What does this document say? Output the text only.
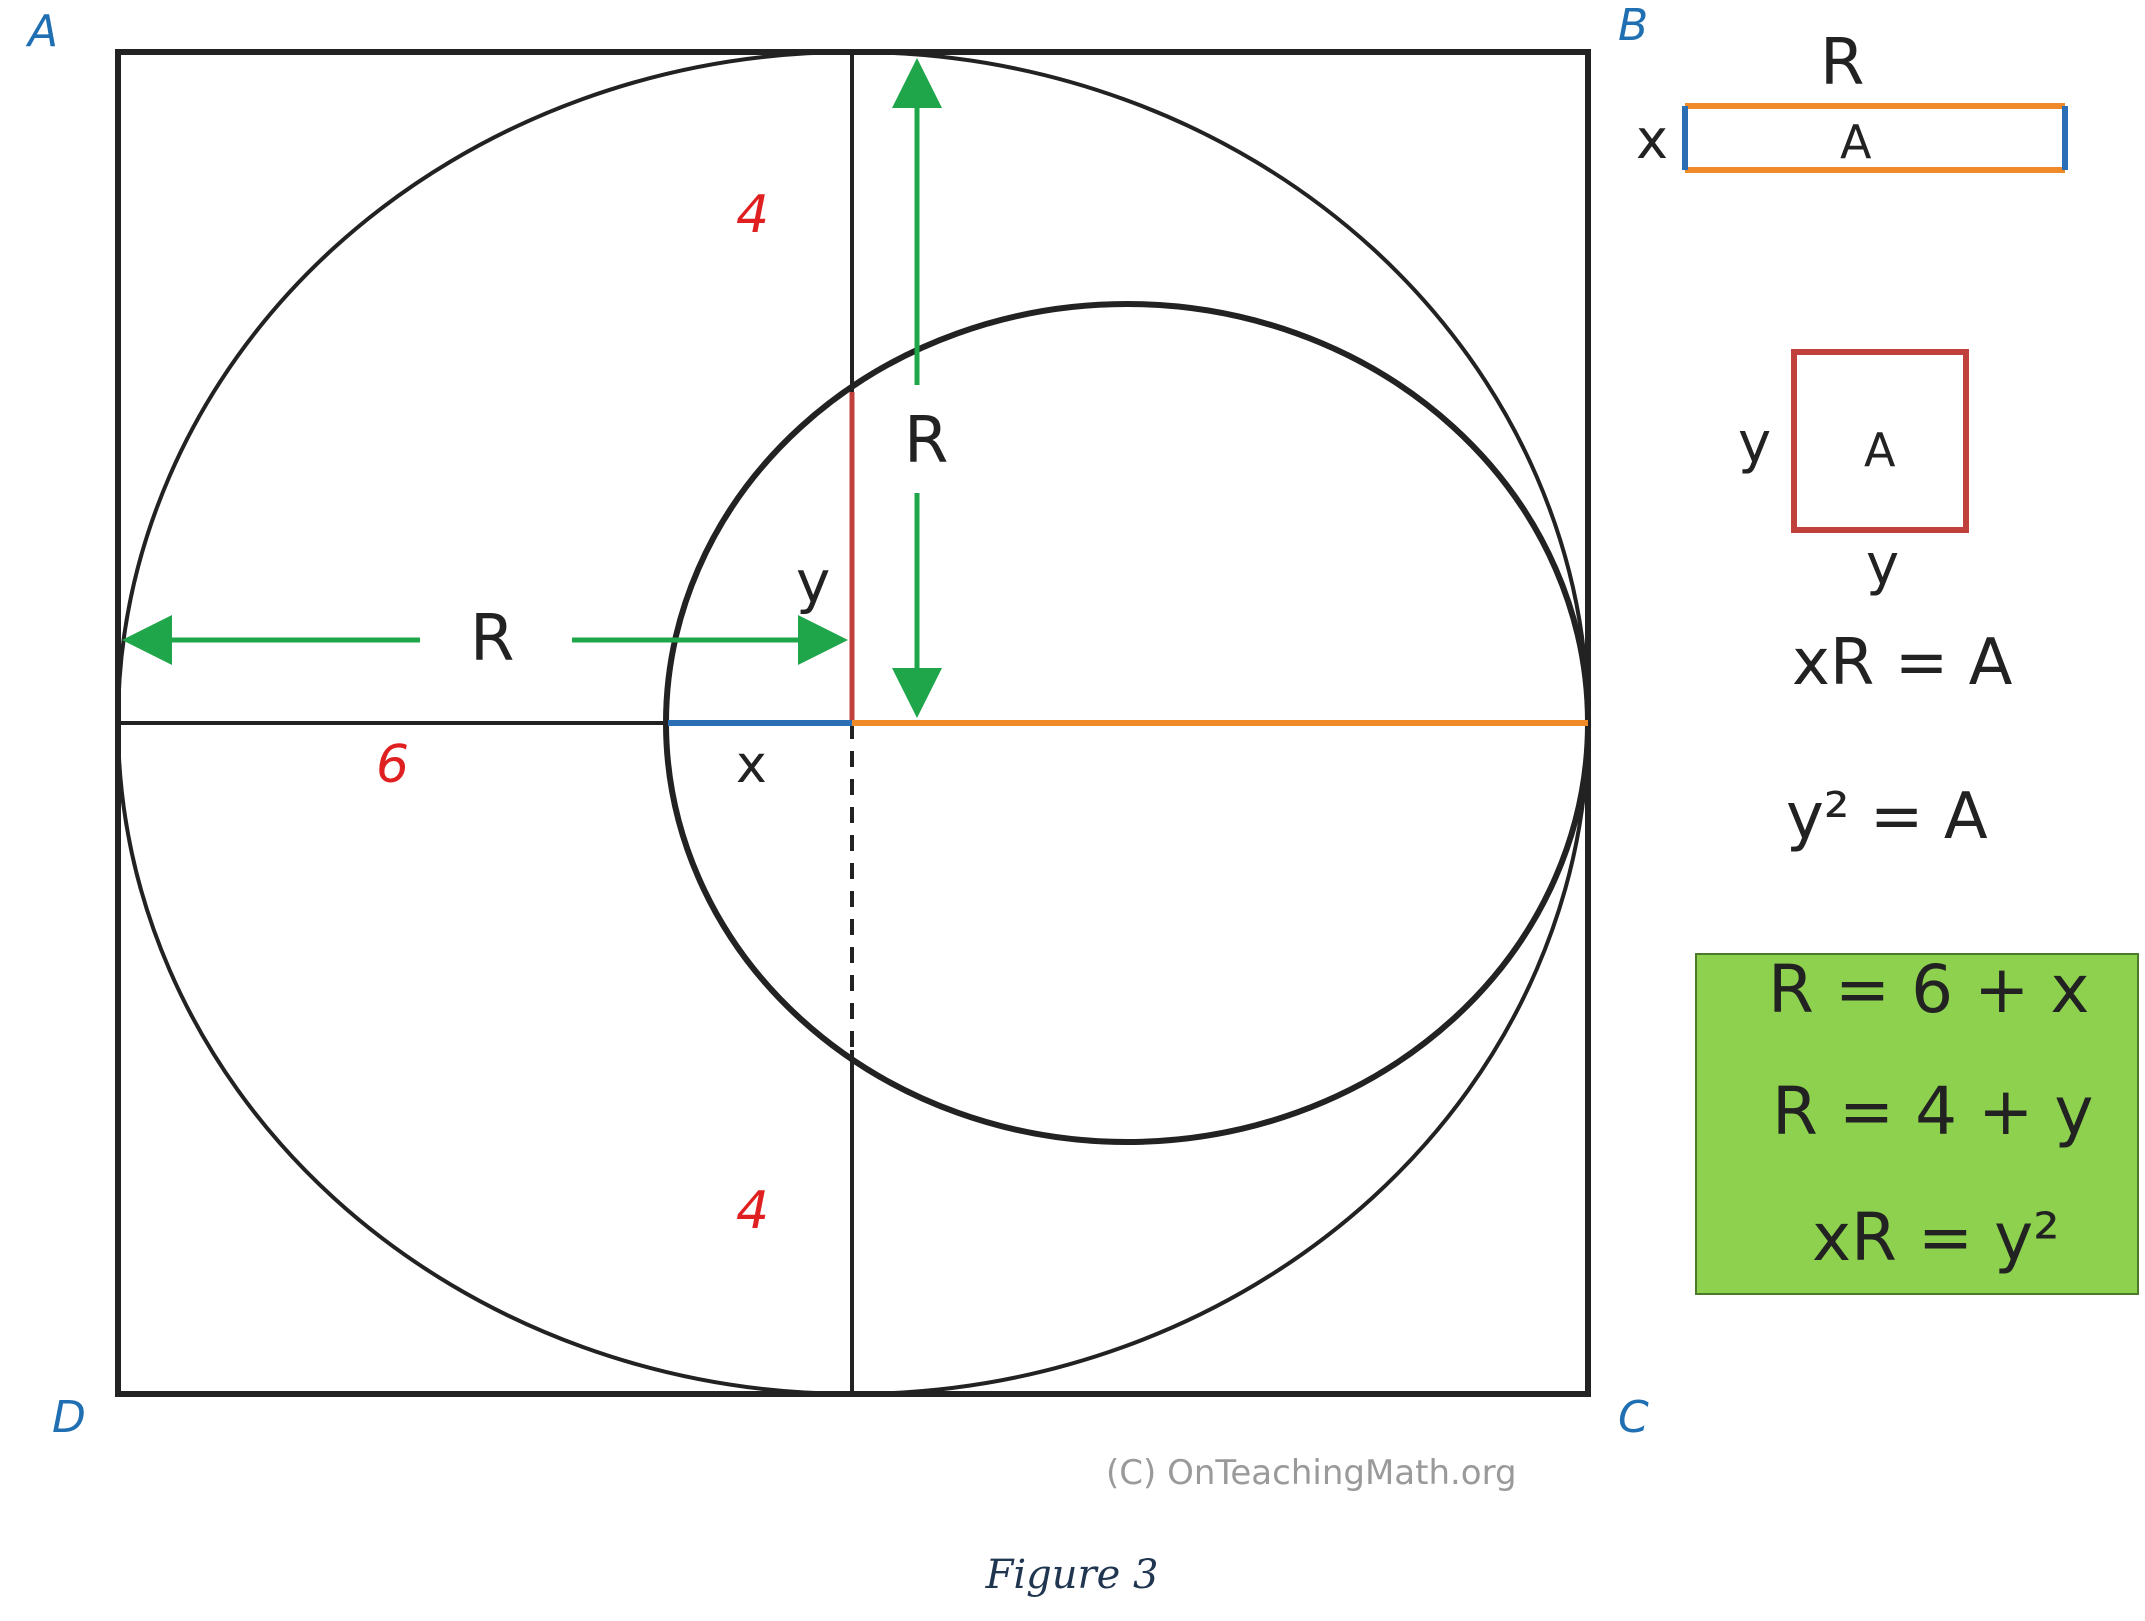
A	B
C
D
4
4
6
R
R
y
x
R
x	A
y
y
A
xR = A
y² = A
R = 6 + x
R = 4 + y
xR = y²
(C) OnTeachingMath.org
Figure 3
